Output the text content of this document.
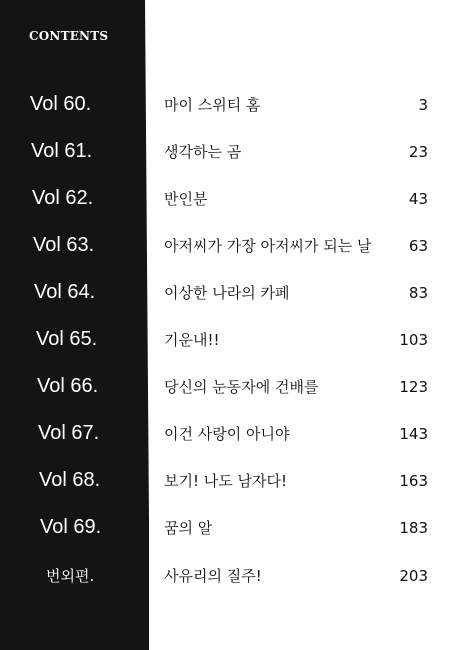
CONTENTS
Vol 60.	마이 스위티 홈	3
Vol 61.	생각하는 곰	23
Vol 62.	반인분	43
Vol 63.	아저씨가 가장 아저씨가 되는 날 63
Vol 64.	이상한 나라의 카페	83
Vol 65.	기운내!!	103
Vol 66.	당신의 눈동자에 건배를	123
Vol 67.	이건 사랑이 아니야	143
Vol 68.	보기! 나도 남자다!	163
Vol 69.	꿈의 알	183
번외편.	사유리의 질주!	203
